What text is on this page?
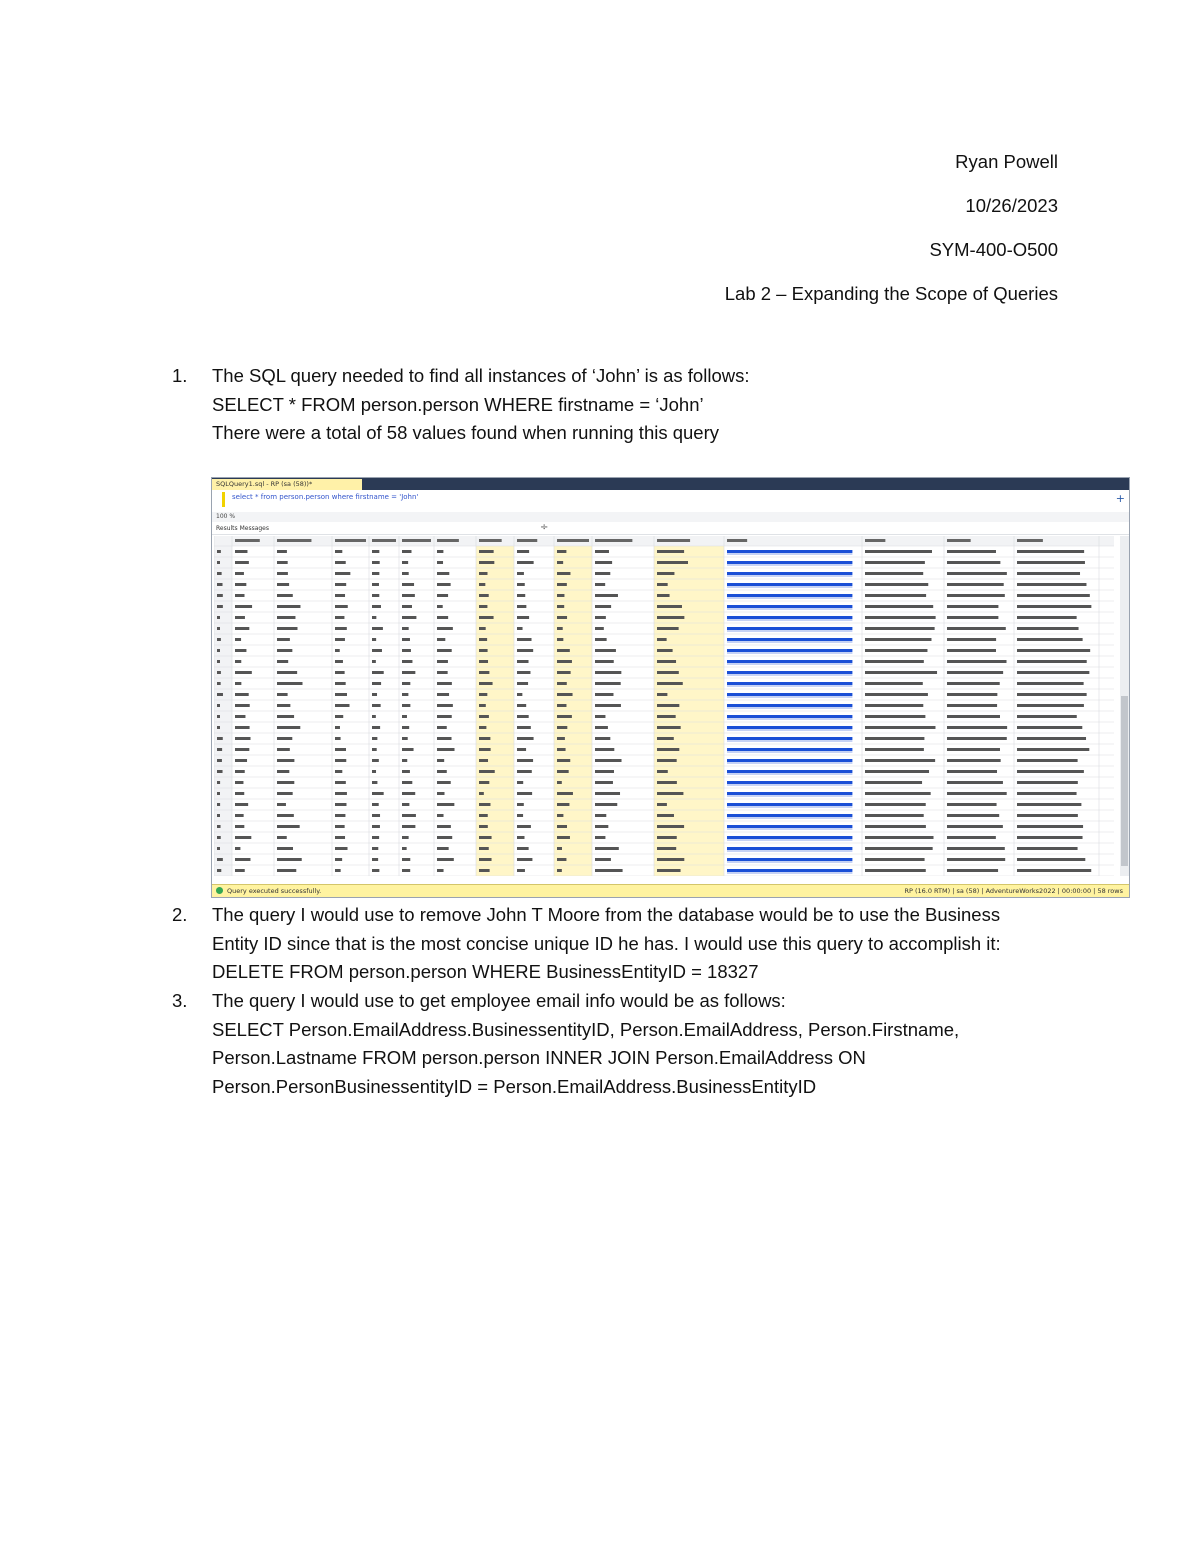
Ryan Powell
10/26/2023
SYM-400-O500
Lab 2 – Expanding the Scope of Queries
1.	The SQL query needed to find all instances of ‘John’ is as follows:
SELECT * FROM person.person WHERE firstname = ‘John’
There were a total of 58 values found when running this query
SQLQuery1.sql - RP (sa (58))*
select * from person.person where firstname = 'John'	+
100 %
÷
Results Messages
Query executed successfully.	RP (16.0 RTM) | sa (58) | AdventureWorks2022 | 00:00:00 | 58 rows
2.	The query I would use to remove John T Moore from the database would be to use the Business
Entity ID since that is the most concise unique ID he has. I would use this query to accomplish it:
DELETE FROM person.person WHERE BusinessEntityID = 18327
3.	The query I would use to get employee email info would be as follows:
SELECT Person.EmailAddress.BusinessentityID, Person.EmailAddress, Person.Firstname,
Person.Lastname FROM person.person INNER JOIN Person.EmailAddress ON
Person.PersonBusinessentityID = Person.EmailAddress.BusinessEntityID
